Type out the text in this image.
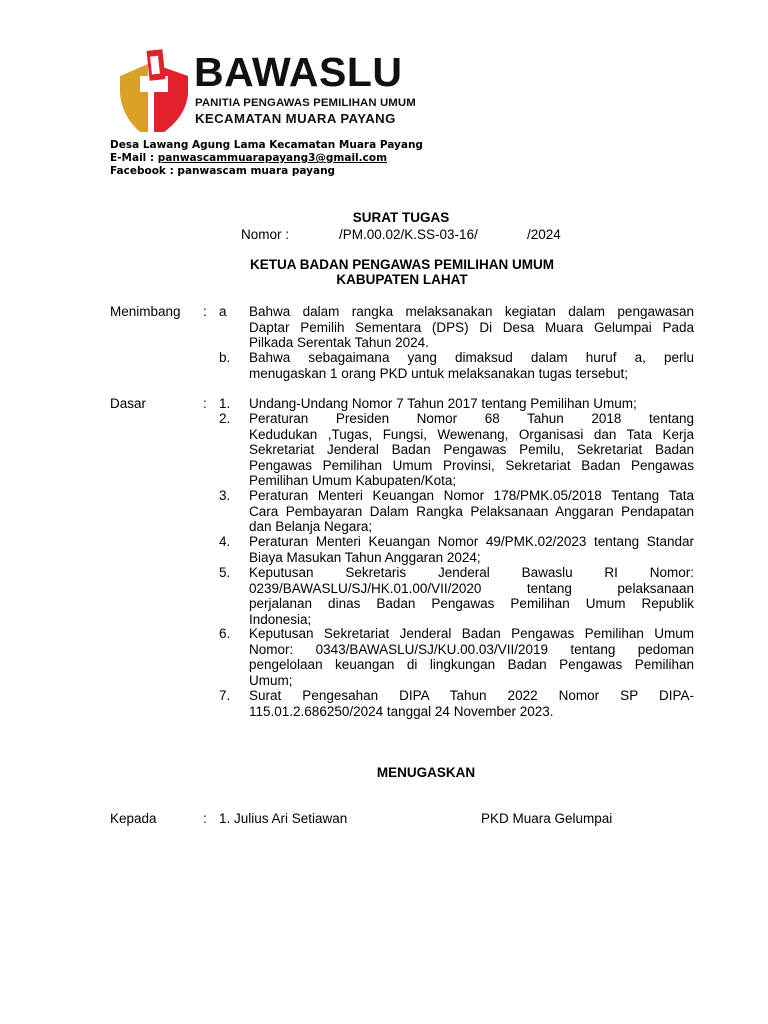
BAWASLU
PANITIA PENGAWAS PEMILIHAN UMUM
KECAMATAN MUARA PAYANG
Desa Lawang Agung Lama Kecamatan Muara Payang
E-Mail : panwascammuarapayang3@gmail.com
Facebook : panwascam muara payang
SURAT TUGAS
Nomor :	/PM.00.02/K.SS-03-16/	/2024
KETUA BADAN PENGAWAS PEMILIHAN UMUM
KABUPATEN LAHAT
Menimbang : a Bahwa dalam rangka melaksanakan kegiatan dalam pengawasan
Daptar Pemilih Sementara (DPS) Di Desa Muara Gelumpai Pada
Pilkada Serentak Tahun 2024.
b. Bahwa sebagaimana yang dimaksud dalam huruf a, perlu
menugaskan 1 orang PKD untuk melaksanakan tugas tersebut;
Dasar	: 1. Undang-Undang Nomor 7 Tahun 2017 tentang Pemilihan Umum;
2. Peraturan Presiden Nomor 68 Tahun 2018 tentang
Kedudukan ,Tugas, Fungsi, Wewenang, Organisasi dan Tata Kerja
Sekretariat Jenderal Badan Pengawas Pemilu, Sekretariat Badan
Pengawas Pemilihan Umum Provinsi, Sekretariat Badan Pengawas
Pemilihan Umum Kabupaten/Kota;
3. Peraturan Menteri Keuangan Nomor 178/PMK.05/2018 Tentang Tata
Cara Pembayaran Dalam Rangka Pelaksanaan Anggaran Pendapatan
dan Belanja Negara;
4. Peraturan Menteri Keuangan Nomor 49/PMK.02/2023 tentang Standar
Biaya Masukan Tahun Anggaran 2024;
5. Keputusan Sekretaris Jenderal Bawaslu RI Nomor:
0239/BAWASLU/SJ/HK.01.00/VII/2020 tentang pelaksanaan
perjalanan dinas Badan Pengawas Pemilihan Umum Republik
Indonesia;
6. Keputusan Sekretariat Jenderal Badan Pengawas Pemilihan Umum
Nomor: 0343/BAWASLU/SJ/KU.00.03/VII/2019 tentang pedoman
pengelolaan keuangan di lingkungan Badan Pengawas Pemilihan
Umum;
7. Surat Pengesahan DIPA Tahun 2022 Nomor SP DIPA-
115.01.2.686250/2024 tanggal 24 November 2023.
MENUGASKAN
Kepada	: 1. Julius Ari Setiawan	PKD Muara Gelumpai
